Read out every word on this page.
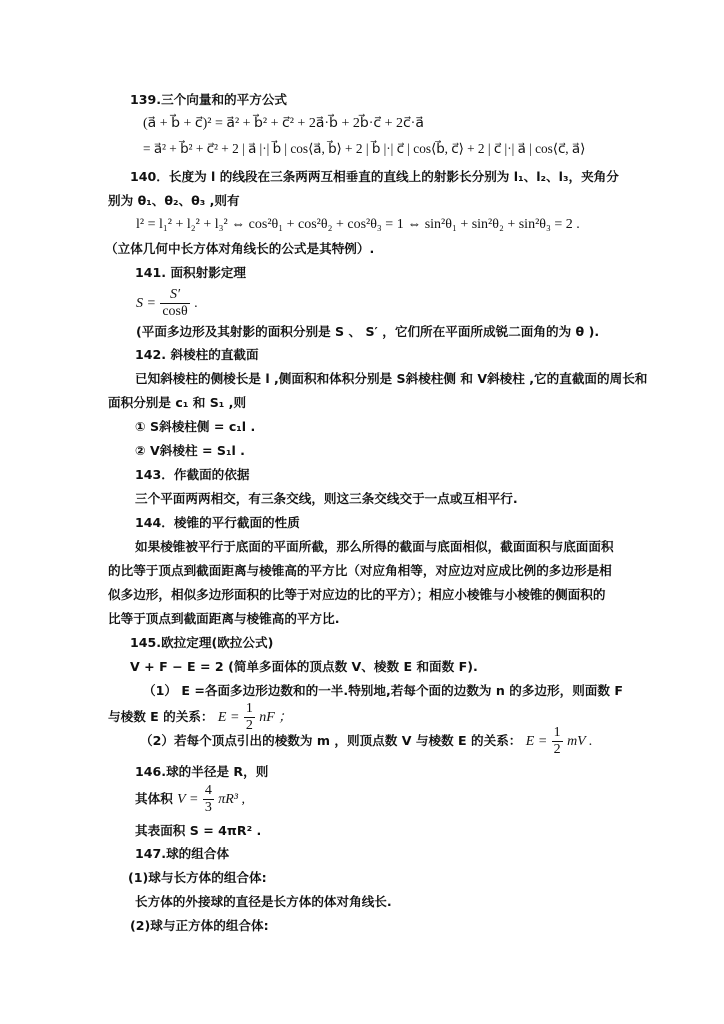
139.三个向量和的平方公式
(a⃗ + b⃗ + c⃗)² = a⃗² + b⃗² + c⃗² + 2a⃗·b⃗ + 2b⃗·c⃗ + 2c⃗·a⃗
= a⃗² + b⃗² + c⃗² + 2 | a⃗ |·| b⃗ | cos⟨a⃗, b⃗⟩ + 2 | b⃗ |·| c⃗ | cos⟨b⃗, c⃗⟩ + 2 | c⃗ |·| a⃗ | cos⟨c⃗, a⃗⟩
140．长度为 l 的线段在三条两两互相垂直的直线上的射影长分别为 l₁、l₂、l₃，夹角分
别为 θ₁、θ₂、θ₃ ,则有
l² = l₁² + l₂² + l₃² ⇔ cos²θ₁ + cos²θ₂ + cos²θ₃ = 1 ⇔ sin²θ₁ + sin²θ₂ + sin²θ₃ = 2 .
（立体几何中长方体对角线长的公式是其特例）.
141. 面积射影定理
$S = \frac{S'}{\cos\theta}$ .
(平面多边形及其射影的面积分别是 S 、 S′ ，它们所在平面所成锐二面角的为 θ ).
142. 斜棱柱的直截面
已知斜棱柱的侧棱长是 l ,侧面积和体积分别是 S斜棱柱侧 和 V斜棱柱 ,它的直截面的周长和
面积分别是 c₁ 和 S₁ ,则
① S斜棱柱侧 = c₁l .
② V斜棱柱 = S₁l .
143．作截面的依据
三个平面两两相交，有三条交线，则这三条交线交于一点或互相平行.
144．棱锥的平行截面的性质
如果棱锥被平行于底面的平面所截，那么所得的截面与底面相似，截面面积与底面面积
的比等于顶点到截面距离与棱锥高的平方比（对应角相等，对应边对应成比例的多边形是相
似多边形，相似多边形面积的比等于对应边的比的平方）；相应小棱锥与小棱锥的侧面积的
比等于顶点到截面距离与棱锥高的平方比.
145.欧拉定理(欧拉公式)
V + F − E = 2 (简单多面体的顶点数 V、棱数 E 和面数 F).
（1） E =各面多边形边数和的一半.特别地,若每个面的边数为 n 的多边形，则面数 F
与棱数 E 的关系： $E = \frac{1}{2}$ nF ；
（2）若每个顶点引出的棱数为 m ，则顶点数 V 与棱数 E 的关系： $E = \frac{1}{2}$ mV .
146.球的半径是 R，则
其体积 $V = \frac{4}{3} \pi R^3$ ,
其表面积 S = 4πR² .
147.球的组合体
(1)球与长方体的组合体:
长方体的外接球的直径是长方体的体对角线长.
(2)球与正方体的组合体:
